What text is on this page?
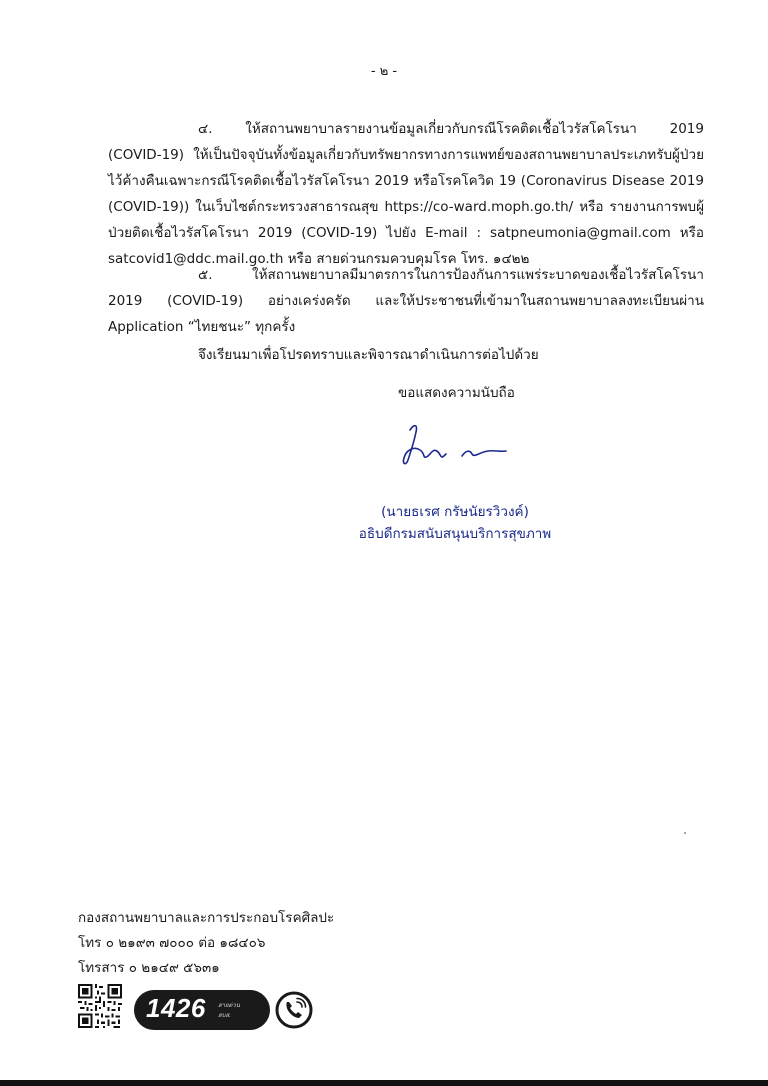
- ๒ -

๔. ให้สถานพยาบาลรายงานข้อมูลเกี่ยวกับกรณีโรคติดเชื้อไวรัสโคโรนา 2019 (COVID-19) ให้เป็นปัจจุบันทั้งข้อมูลเกี่ยวกับทรัพยากรทางการแพทย์ของสถานพยาบาลประเภทรับผู้ป่วยไว้ค้างคืนเฉพาะกรณีโรคติดเชื้อไวรัสโคโรนา 2019 หรือโรคโควิด 19 (Coronavirus Disease 2019 (COVID-19)) ในเว็บไซต์กระทรวงสาธารณสุข https://co-ward.moph.go.th/ หรือ รายงานการพบผู้ป่วยติดเชื้อไวรัสโคโรนา 2019 (COVID-19) ไปยัง E-mail : satpneumonia@gmail.com หรือ satcovid1@ddc.mail.go.th หรือ สายด่วนกรมควบคุมโรค โทร. ๑๔๒๒

๕. ให้สถานพยาบาลมีมาตรการในการป้องกันการแพร่ระบาดของเชื้อไวรัสโคโรนา 2019 (COVID-19) อย่างเคร่งครัด และให้ประชาชนที่เข้ามาในสถานพยาบาลลงทะเบียนผ่าน Application “ไทยชนะ” ทุกครั้ง

จึงเรียนมาเพื่อโปรดทราบและพิจารณาดำเนินการต่อไปด้วย
ขอแสดงความนับถือ
(นายธเรศ กรัษนัยรวิวงค์)
อธิบดีกรมสนับสนุนบริการสุขภาพ
กองสถานพยาบาลและการประกอบโรคศิลปะ
โทร ๐ ๒๑๙๓ ๗๐๐๐ ต่อ ๑๘๔๐๖
โทรสาร ๐ ๒๑๔๙ ๕๖๓๑
1426 สายด่วน
สบส.
